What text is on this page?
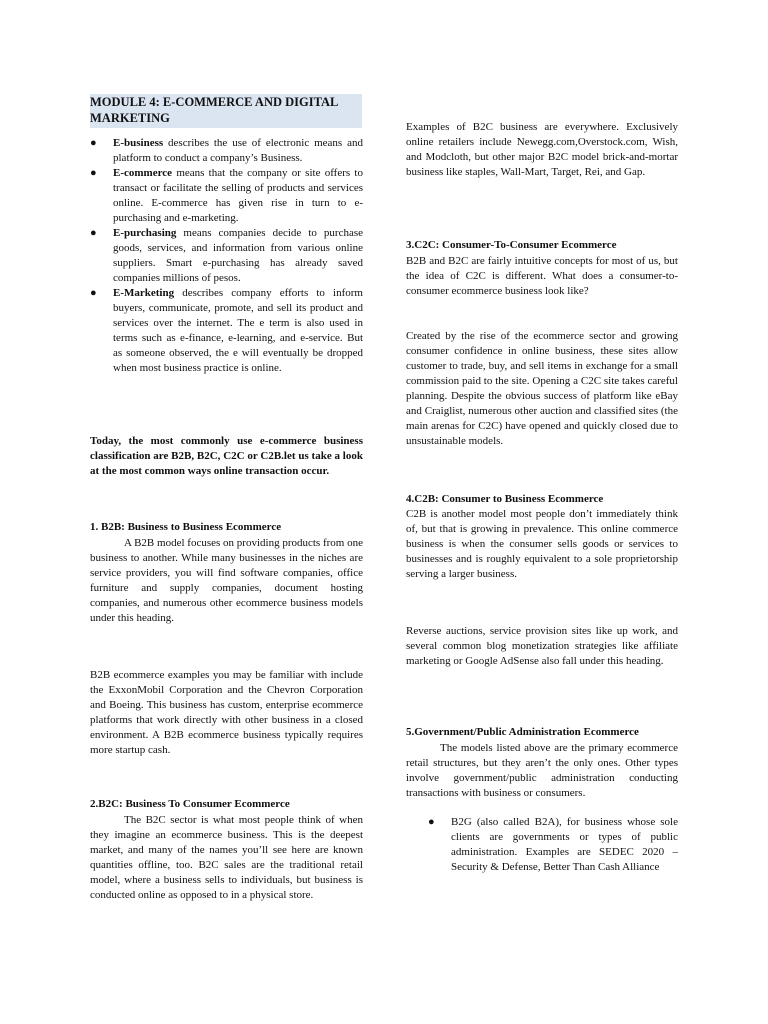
MODULE 4: E-COMMERCE AND DIGITAL MARKETING
● E-business describes the use of electronic means and platform to conduct a company’s Business.
● E-commerce means that the company or site offers to transact or facilitate the selling of products and services online. E-commerce has given rise in turn to e-purchasing and e-marketing.
● E-purchasing means companies decide to purchase goods, services, and information from various online suppliers. Smart e-purchasing has already saved companies millions of pesos.
● E-Marketing describes company efforts to inform buyers, communicate, promote, and sell its product and services over the internet. The e term is also used in terms such as e-finance, e-learning, and e-service. But as someone observed, the e will eventually be dropped when most business practice is online.

Today, the most commonly use e-commerce business classification are B2B, B2C, C2C or C2B.let us take a look at the most common ways online transaction occur.

1. B2B: Business to Business Ecommerce

A B2B model focuses on providing products from one business to another. While many businesses in the niches are service providers, you will find software companies, office furniture and supply companies, document hosting companies, and numerous other ecommerce business models under this heading.

B2B ecommerce examples you may be familiar with include the ExxonMobil Corporation and the Chevron Corporation and Boeing. This business has custom, enterprise ecommerce platforms that work directly with other business in a closed environment. A B2B ecommerce business typically requires more startup cash.

2.B2C: Business To Consumer Ecommerce

The B2C sector is what most people think of when they imagine an ecommerce business. This is the deepest market, and many of the names you’ll see here are known quantities offline, too. B2C sales are the traditional retail model, where a business sells to individuals, but business is conducted online as opposed to in a physical store.

Examples of B2C business are everywhere. Exclusively online retailers include Newegg.com,Overstock.com, Wish, and Modcloth, but other major B2C model brick-and-mortar business like staples, Wall-Mart, Target, Rei, and Gap.

3.C2C: Consumer-To-Consumer Ecommerce

B2B and B2C are fairly intuitive concepts for most of us, but the idea of C2C is different. What does a consumer-to-consumer ecommerce business look like?

Created by the rise of the ecommerce sector and growing consumer confidence in online business, these sites allow customer to trade, buy, and sell items in exchange for a small commission paid to the site. Opening a C2C site takes careful planning. Despite the obvious success of platform like eBay and Craiglist, numerous other auction and classified sites (the main arenas for C2C) have opened and quickly closed due to unsustainable models.

4.C2B: Consumer to Business Ecommerce

C2B is another model most people don’t immediately think of, but that is growing in prevalence. This online commerce business is when the consumer sells goods or services to businesses and is roughly equivalent to a sole proprietorship serving a larger business.

Reverse auctions, service provision sites like up work, and several common blog monetization strategies like affiliate marketing or Google AdSense also fall under this heading.

5.Government/Public Administration Ecommerce

The models listed above are the primary ecommerce retail structures, but they aren’t the only ones. Other types involve government/public administration conducting transactions with business or consumers.

● B2G (also called B2A), for business whose sole clients are governments or types of public administration. Examples are SEDEC 2020 – Security & Defense, Better Than Cash Alliance
